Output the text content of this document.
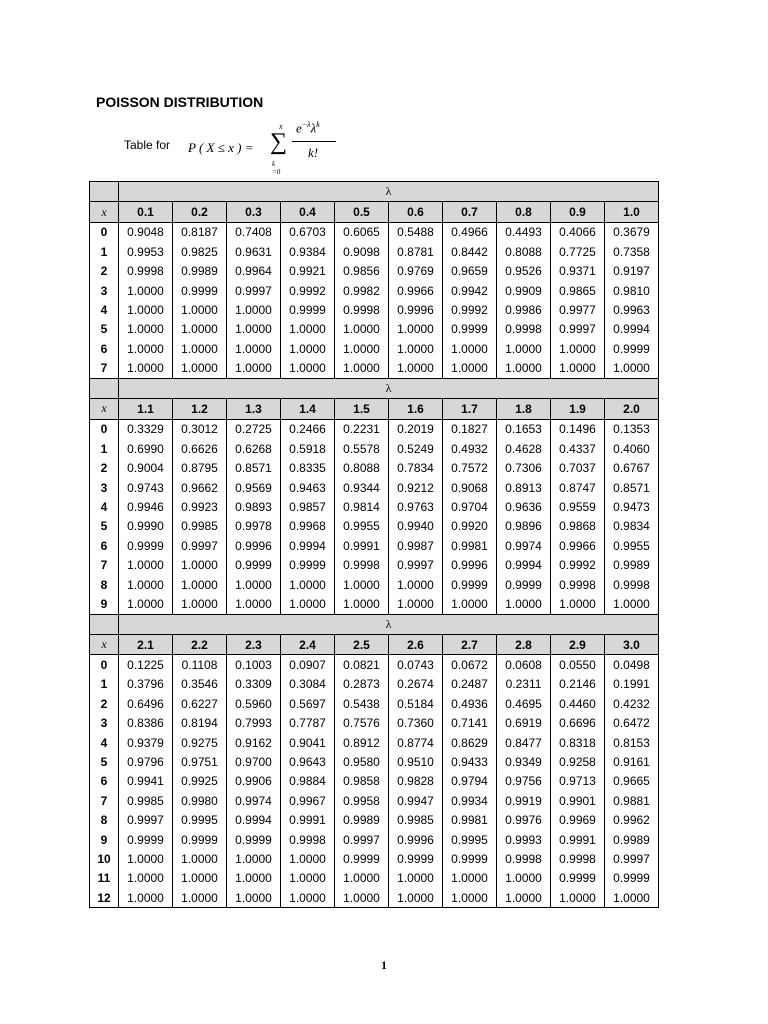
POISSON DISTRIBUTION
Table for P ( X ≤ x ) =
x
∑
k =0
$e^{-\lambda}\lambda^k$
k!
	λ									
x	0.1	0.2	0.3	0.4	0.5	0.6	0.7	0.8	0.9	1.0
0	0.9048	0.8187	0.7408	0.6703	0.6065	0.5488	0.4966	0.4493	0.4066	0.3679
1	0.9953	0.9825	0.9631	0.9384	0.9098	0.8781	0.8442	0.8088	0.7725	0.7358
2	0.9998	0.9989	0.9964	0.9921	0.9856	0.9769	0.9659	0.9526	0.9371	0.9197
3	1.0000	0.9999	0.9997	0.9992	0.9982	0.9966	0.9942	0.9909	0.9865	0.9810
4	1.0000	1.0000	1.0000	0.9999	0.9998	0.9996	0.9992	0.9986	0.9977	0.9963
5	1.0000	1.0000	1.0000	1.0000	1.0000	1.0000	0.9999	0.9998	0.9997	0.9994
6	1.0000	1.0000	1.0000	1.0000	1.0000	1.0000	1.0000	1.0000	1.0000	0.9999
7	1.0000	1.0000	1.0000	1.0000	1.0000	1.0000	1.0000	1.0000	1.0000	1.0000
	λ									
x	1.1	1.2	1.3	1.4	1.5	1.6	1.7	1.8	1.9	2.0
0	0.3329	0.3012	0.2725	0.2466	0.2231	0.2019	0.1827	0.1653	0.1496	0.1353
1	0.6990	0.6626	0.6268	0.5918	0.5578	0.5249	0.4932	0.4628	0.4337	0.4060
2	0.9004	0.8795	0.8571	0.8335	0.8088	0.7834	0.7572	0.7306	0.7037	0.6767
3	0.9743	0.9662	0.9569	0.9463	0.9344	0.9212	0.9068	0.8913	0.8747	0.8571
4	0.9946	0.9923	0.9893	0.9857	0.9814	0.9763	0.9704	0.9636	0.9559	0.9473
5	0.9990	0.9985	0.9978	0.9968	0.9955	0.9940	0.9920	0.9896	0.9868	0.9834
6	0.9999	0.9997	0.9996	0.9994	0.9991	0.9987	0.9981	0.9974	0.9966	0.9955
7	1.0000	1.0000	0.9999	0.9999	0.9998	0.9997	0.9996	0.9994	0.9992	0.9989
8	1.0000	1.0000	1.0000	1.0000	1.0000	1.0000	0.9999	0.9999	0.9998	0.9998
9	1.0000	1.0000	1.0000	1.0000	1.0000	1.0000	1.0000	1.0000	1.0000	1.0000
	λ									
x	2.1	2.2	2.3	2.4	2.5	2.6	2.7	2.8	2.9	3.0
0	0.1225	0.1108	0.1003	0.0907	0.0821	0.0743	0.0672	0.0608	0.0550	0.0498
1	0.3796	0.3546	0.3309	0.3084	0.2873	0.2674	0.2487	0.2311	0.2146	0.1991
2	0.6496	0.6227	0.5960	0.5697	0.5438	0.5184	0.4936	0.4695	0.4460	0.4232
3	0.8386	0.8194	0.7993	0.7787	0.7576	0.7360	0.7141	0.6919	0.6696	0.6472
4	0.9379	0.9275	0.9162	0.9041	0.8912	0.8774	0.8629	0.8477	0.8318	0.8153
5	0.9796	0.9751	0.9700	0.9643	0.9580	0.9510	0.9433	0.9349	0.9258	0.9161
6	0.9941	0.9925	0.9906	0.9884	0.9858	0.9828	0.9794	0.9756	0.9713	0.9665
7	0.9985	0.9980	0.9974	0.9967	0.9958	0.9947	0.9934	0.9919	0.9901	0.9881
8	0.9997	0.9995	0.9994	0.9991	0.9989	0.9985	0.9981	0.9976	0.9969	0.9962
9	0.9999	0.9999	0.9999	0.9998	0.9997	0.9996	0.9995	0.9993	0.9991	0.9989
10	1.0000	1.0000	1.0000	1.0000	0.9999	0.9999	0.9999	0.9998	0.9998	0.9997
11	1.0000	1.0000	1.0000	1.0000	1.0000	1.0000	1.0000	1.0000	0.9999	0.9999
12	1.0000	1.0000	1.0000	1.0000	1.0000	1.0000	1.0000	1.0000	1.0000	1.0000
1
